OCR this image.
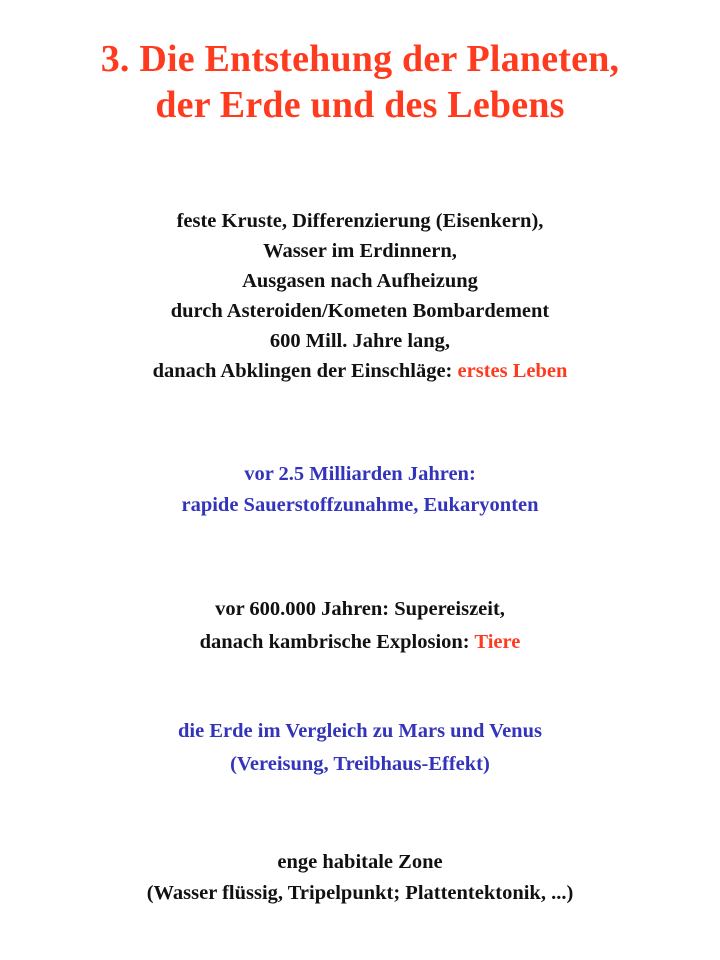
3. Die Entstehung der Planeten,
der Erde und des Lebens
feste Kruste, Differenzierung (Eisenkern),
Wasser im Erdinnern,
Ausgasen nach Aufheizung
durch Asteroiden/Kometen Bombardement
600 Mill. Jahre lang,
danach Abklingen der Einschläge: erstes Leben
vor 2.5 Milliarden Jahren:
rapide Sauerstoffzunahme, Eukaryonten
vor 600.000 Jahren: Supereiszeit,
danach kambrische Explosion: Tiere
die Erde im Vergleich zu Mars und Venus
(Vereisung, Treibhaus-Effekt)
enge habitale Zone
(Wasser flüssig, Tripelpunkt; Plattentektonik, ...)
